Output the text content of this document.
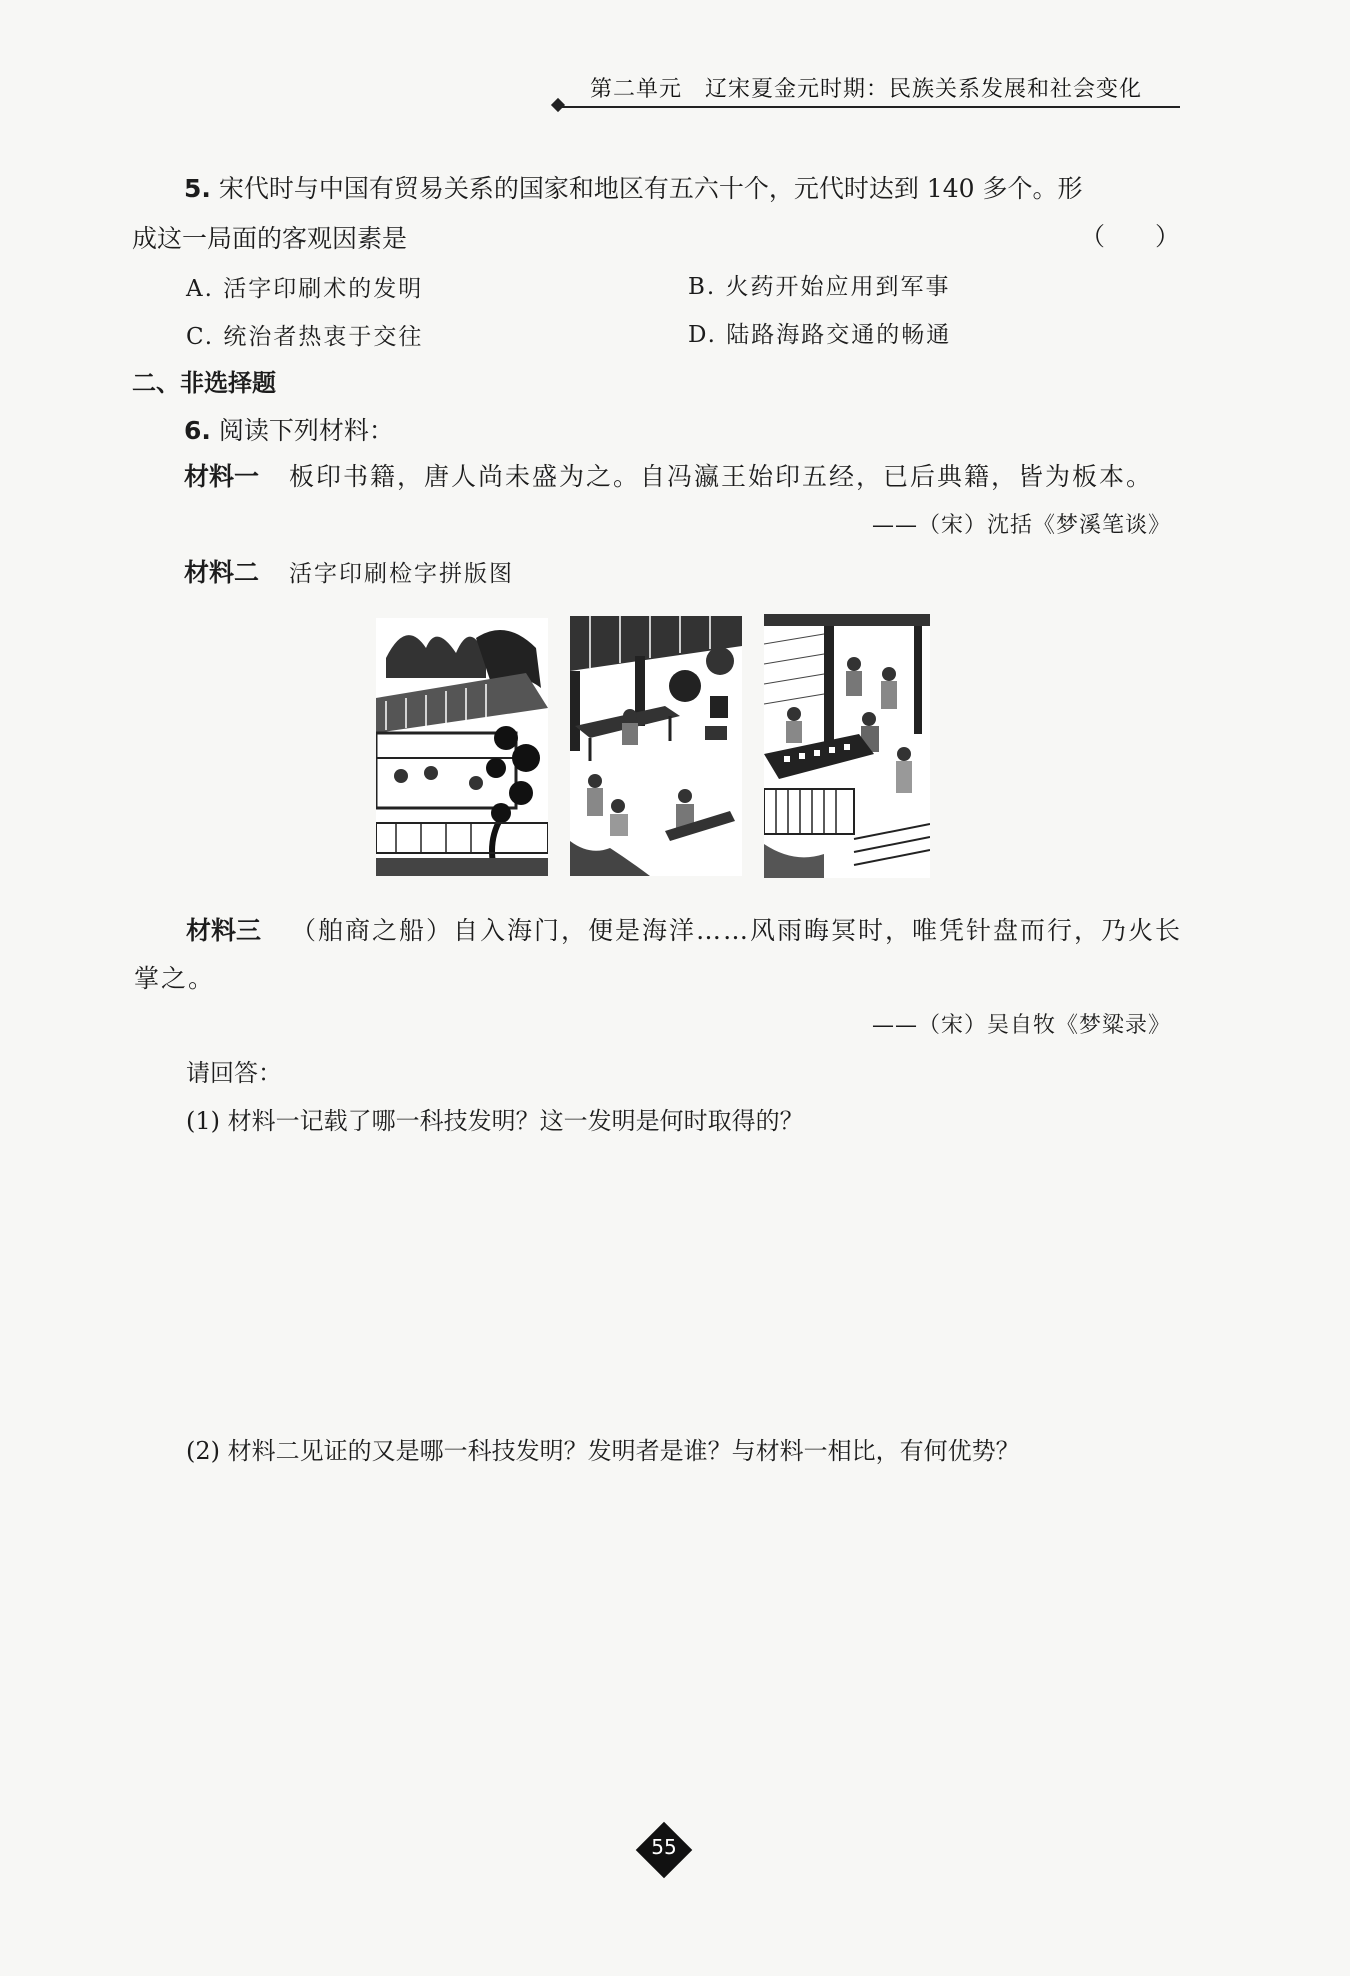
第二单元　辽宋夏金元时期：民族关系发展和社会变化
5. 宋代时与中国有贸易关系的国家和地区有五六十个，元代时达到 140 多个。形
成这一局面的客观因素是	（　　）
A. 活字印刷术的发明	B. 火药开始应用到军事
C. 统治者热衷于交往	D. 陆路海路交通的畅通
二、非选择题
6. 阅读下列材料：
材料一 板印书籍，唐人尚未盛为之。自冯瀛王始印五经，已后典籍，皆为板本。
——（宋）沈括《梦溪笔谈》
材料二 活字印刷检字拼版图
材料三 （舶商之船）自入海门，便是海洋……风雨晦冥时，唯凭针盘而行，乃火长
掌之。
——（宋）吴自牧《梦粱录》
请回答：
(1) 材料一记载了哪一科技发明？这一发明是何时取得的？
(2) 材料二见证的又是哪一科技发明？发明者是谁？与材料一相比，有何优势？
55
